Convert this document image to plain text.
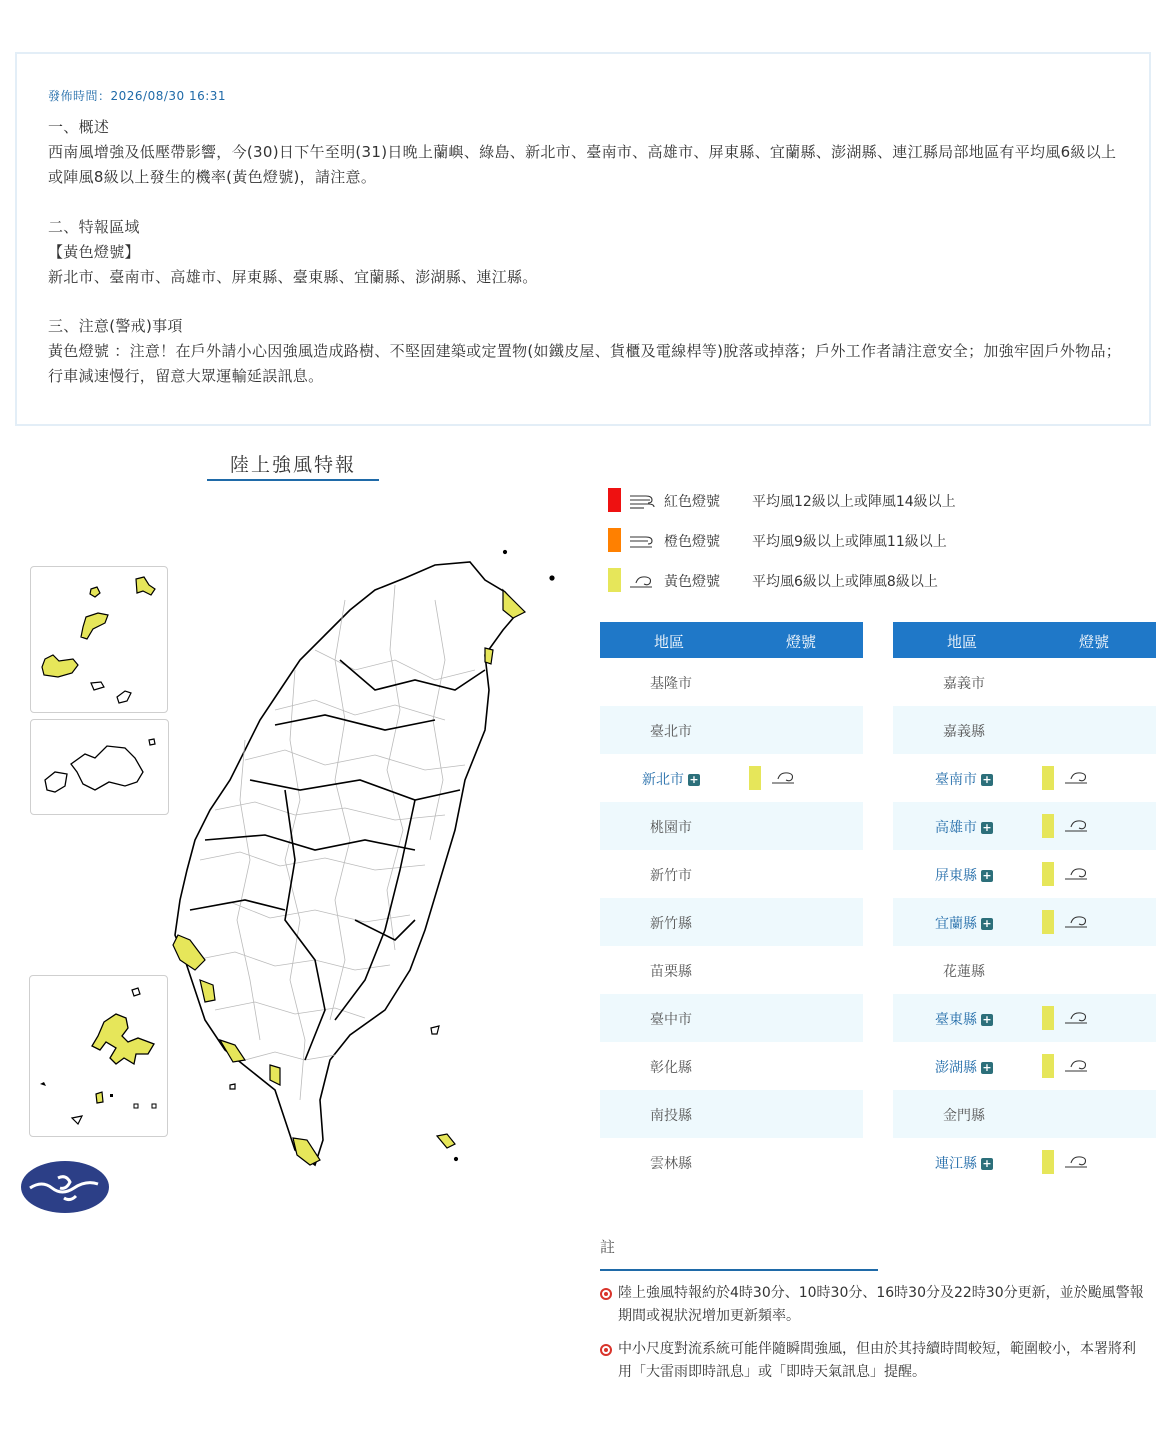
發佈時間：2026/08/30 16:31
一、概述
西南風增強及低壓帶影響，今(30)日下午至明(31)日晚上蘭嶼、綠島、新北市、臺南市、高雄市、屏東縣、宜蘭縣、澎湖縣、連江縣局部地區有平均風6級以上或陣風8級以上發生的機率(黃色燈號)，請注意。
二、特報區域
【黃色燈號】
新北市、臺南市、高雄市、屏東縣、臺東縣、宜蘭縣、澎湖縣、連江縣。
三、注意(警戒)事項
黃色燈號 ：注意！在戶外請小心因強風造成路樹、不堅固建築或定置物(如鐵皮屋、貨櫃及電線桿等)脫落或掉落；戶外工作者請注意安全；加強牢固戶外物品；行車減速慢行，留意大眾運輸延誤訊息。
陸上強風特報
紅色燈號 平均風12級以上或陣風14級以上
橙色燈號 平均風9級以上或陣風11級以上
黃色燈號 平均風6級以上或陣風8級以上
地區	燈號
基隆市
臺北市
新北市 +
桃園市
新竹市
新竹縣
苗栗縣
臺中市
彰化縣
南投縣
雲林縣
地區	燈號
嘉義市
嘉義縣
臺南市 +
高雄市 +
屏東縣 +
宜蘭縣 +
花蓮縣
臺東縣 +
澎湖縣 +
金門縣
連江縣 +
註
陸上強風特報約於4時30分、10時30分、16時30分及22時30分更新，並於颱風警報期間或視狀況增加更新頻率。
中小尺度對流系統可能伴隨瞬間強風，但由於其持續時間較短，範圍較小，本署將利用「大雷雨即時訊息」或「即時天氣訊息」提醒。
